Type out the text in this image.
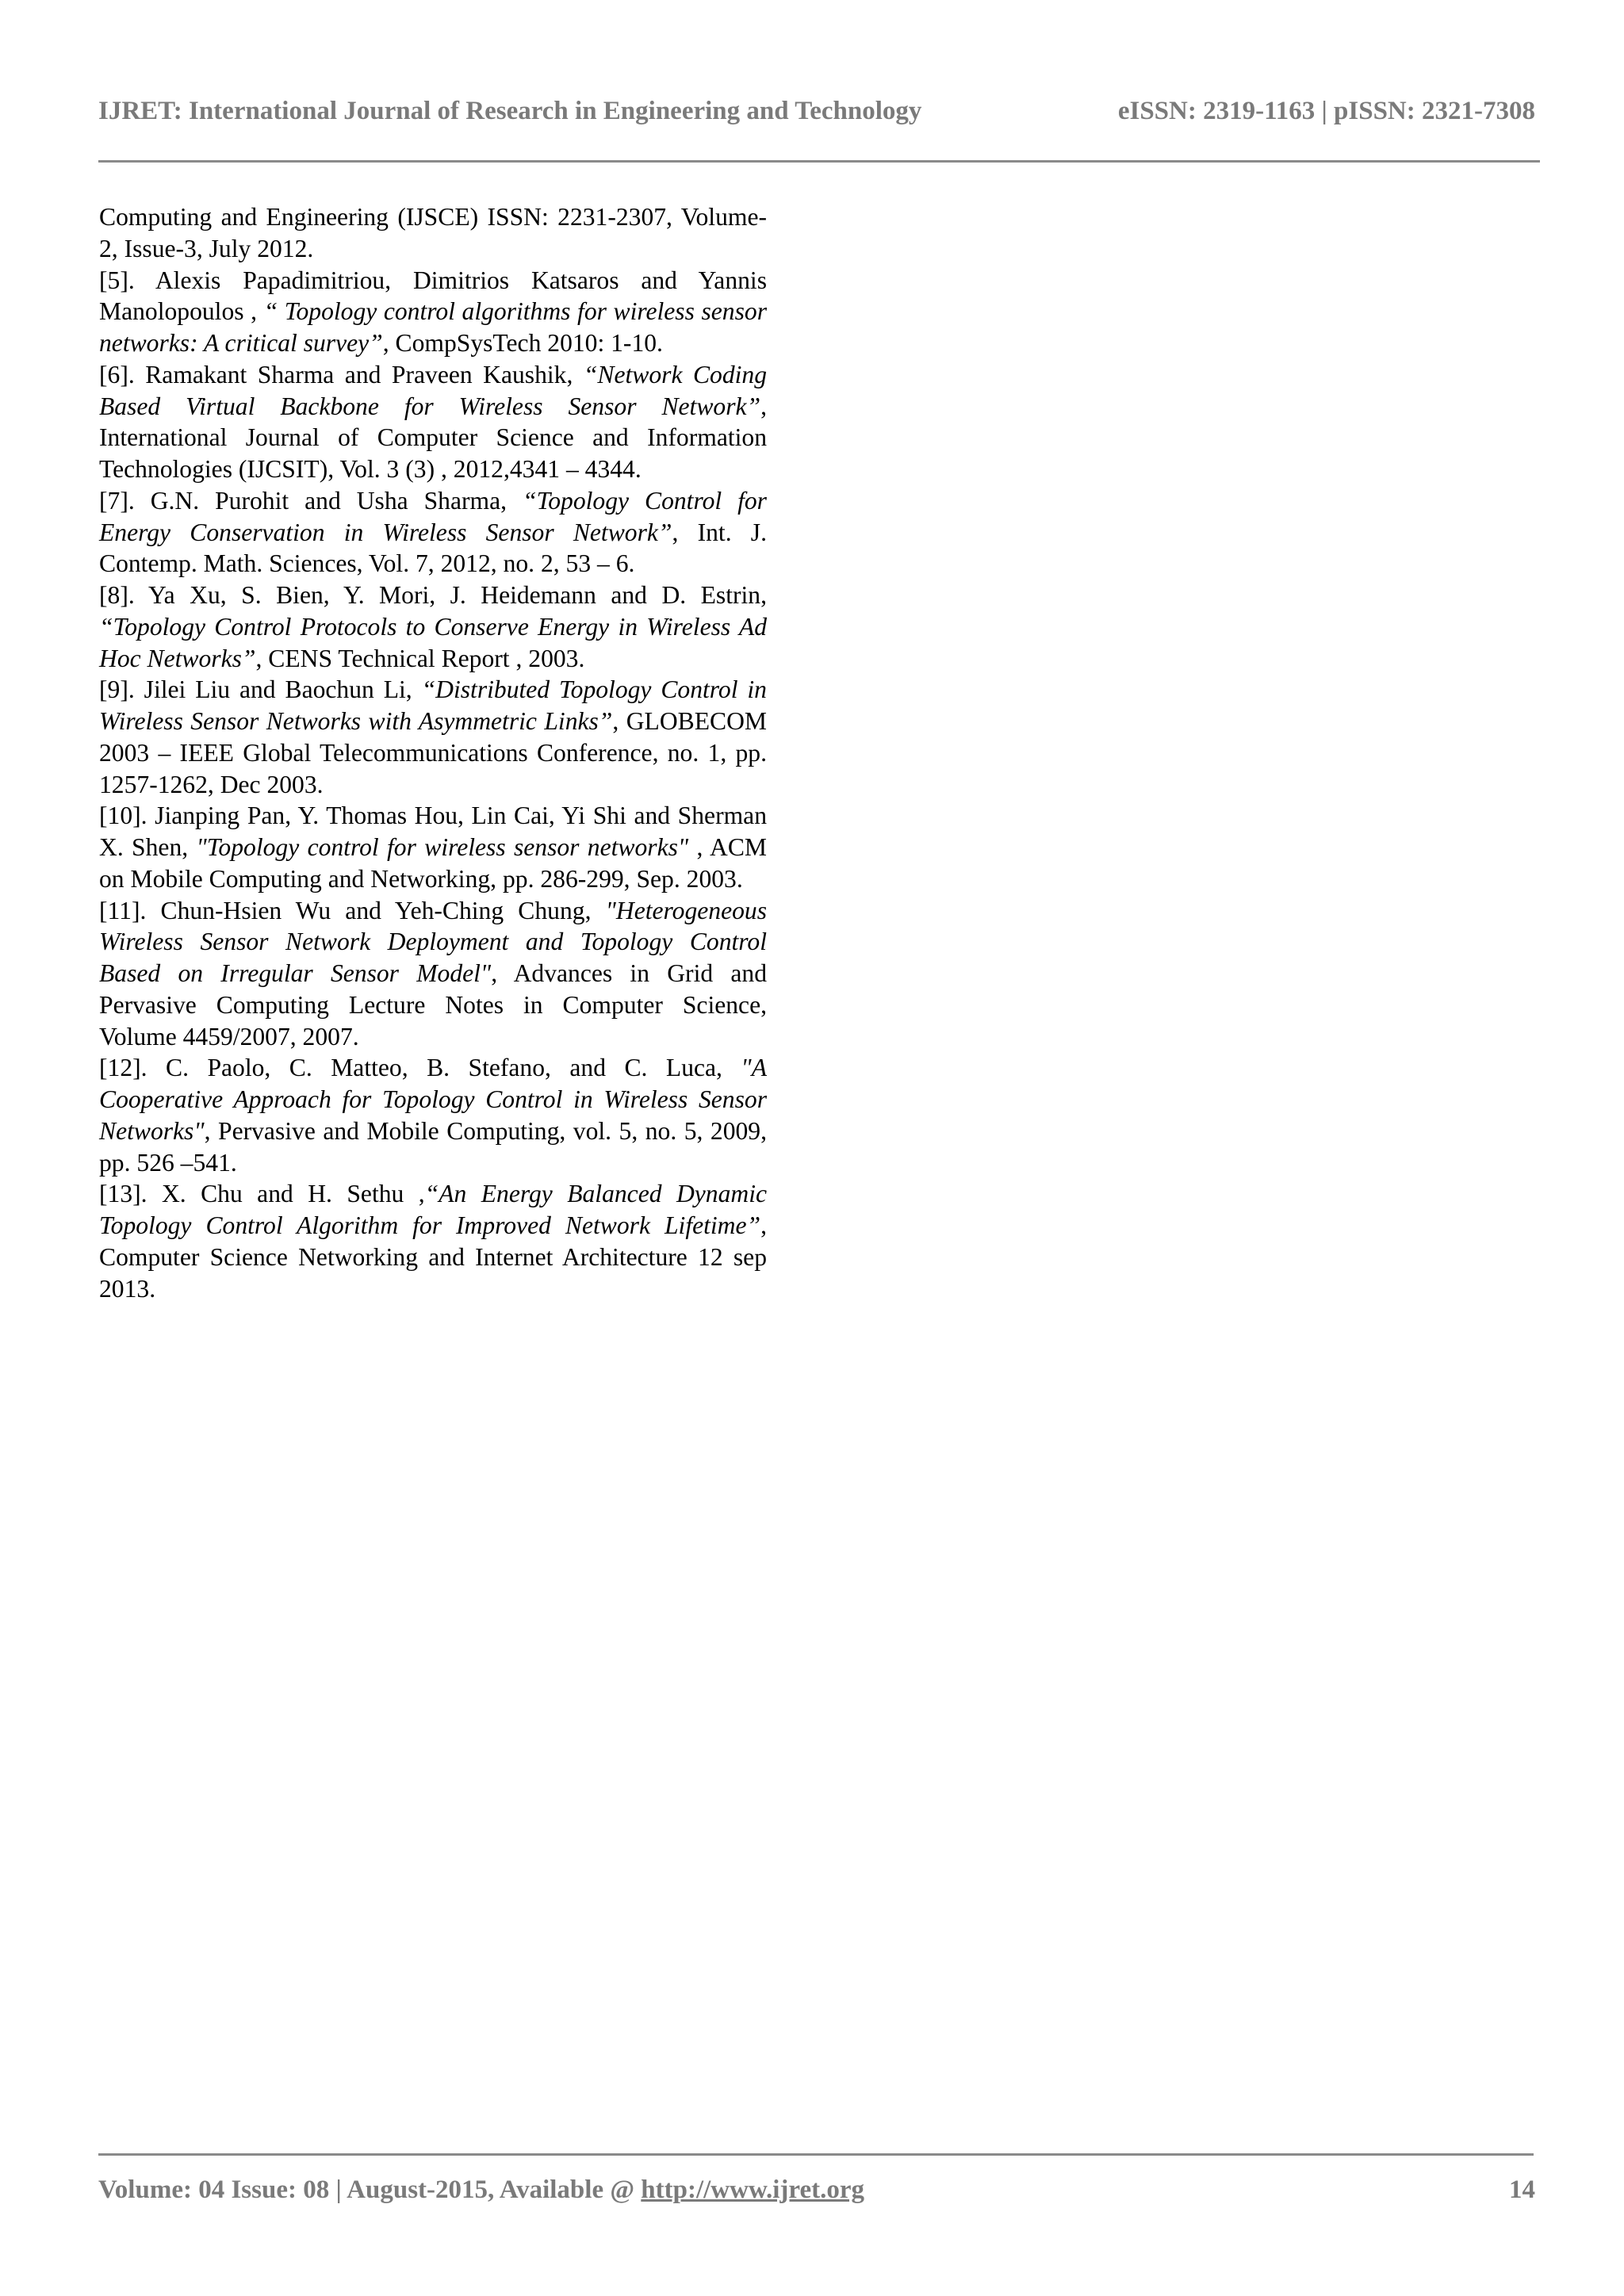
IJRET: International Journal of Research in Engineering and Technology	eISSN: 2319-1163 | pISSN: 2321-7308

Computing and Engineering (IJSCE) ISSN: 2231-2307, Volume-2, Issue-3, July 2012.

[5]. Alexis Papadimitriou, Dimitrios Katsaros and Yannis Manolopoulos , “ Topology control algorithms for wireless sensor networks: A critical survey”, CompSysTech 2010: 1-10.

[6]. Ramakant Sharma and Praveen Kaushik, “Network Coding Based Virtual Backbone for Wireless Sensor Network”, International Journal of Computer Science and Information Technologies (IJCSIT), Vol. 3 (3) , 2012,4341 – 4344.

[7]. G.N. Purohit and Usha Sharma, “Topology Control for Energy Conservation in Wireless Sensor Network”, Int. J. Contemp. Math. Sciences, Vol. 7, 2012, no. 2, 53 – 6.

[8]. Ya Xu, S. Bien, Y. Mori, J. Heidemann and D. Estrin, “Topology Control Protocols to Conserve Energy in Wireless Ad Hoc Networks”, CENS Technical Report , 2003.

[9]. Jilei Liu and Baochun Li, “Distributed Topology Control in Wireless Sensor Networks with Asymmetric Links”, GLOBECOM 2003 – IEEE Global Telecommunications Conference, no. 1, pp. 1257-1262, Dec 2003.

[10]. Jianping Pan, Y. Thomas Hou, Lin Cai, Yi Shi and Sherman X. Shen, "Topology control for wireless sensor networks" , ACM on Mobile Computing and Networking, pp. 286-299, Sep. 2003.

[11]. Chun-Hsien Wu and Yeh-Ching Chung, "Heterogeneous Wireless Sensor Network Deployment and Topology Control Based on Irregular Sensor Model", Advances in Grid and Pervasive Computing Lecture Notes in Computer Science, Volume 4459/2007, 2007.

[12]. C. Paolo, C. Matteo, B. Stefano, and C. Luca, "A Cooperative Approach for Topology Control in Wireless Sensor Networks", Pervasive and Mobile Computing, vol. 5, no. 5, 2009, pp. 526 –541.

[13]. X. Chu and H. Sethu ,“An Energy Balanced Dynamic Topology Control Algorithm for Improved Network Lifetime”, Computer Science Networking and Internet Architecture 12 sep 2013.

Volume: 04 Issue: 08 | August-2015, Available @ http://www.ijret.org	14
